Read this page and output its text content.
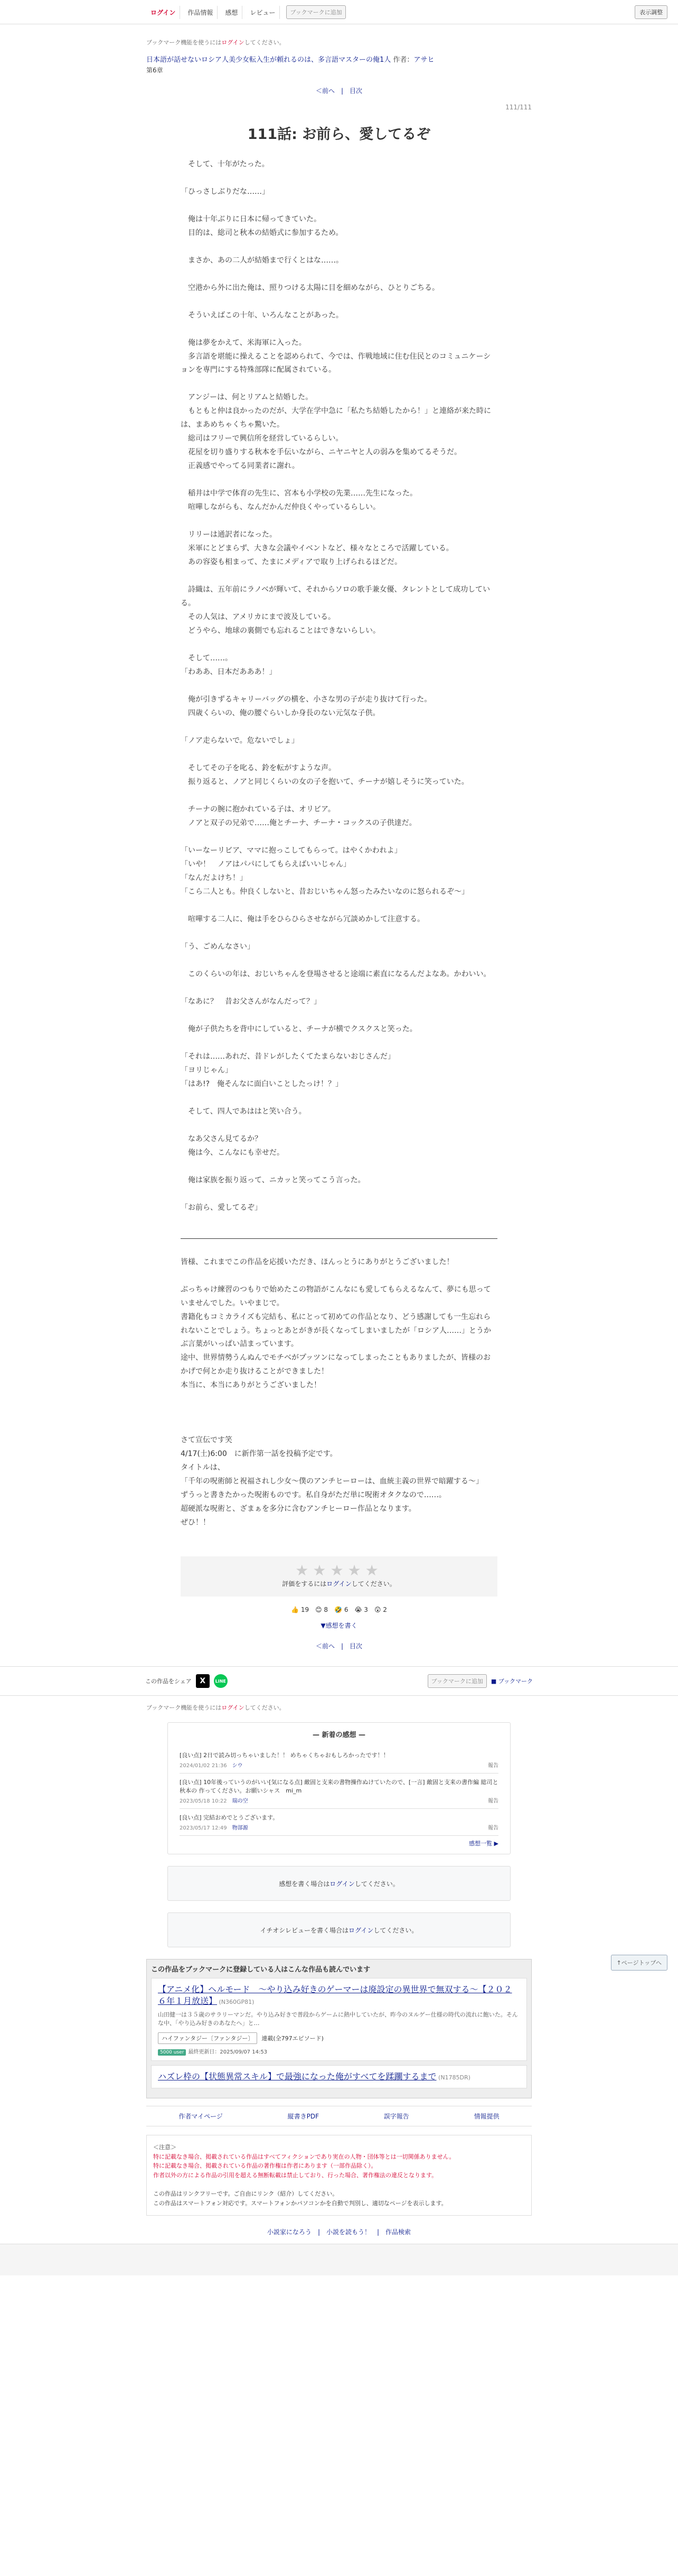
ログイン	作品情報	感想	レビュー	ブックマークに追加	表示調整
ブックマーク機能を使うにはログインしてください。
日本語が話せないロシア人美少女転入生が頼れるのは、多言語マスターの俺1人 作者：アサヒ
第6章
＜前へ | 目次
111/111
111話: お前ら、愛してるぞ

　そして、十年がたった。

「ひっさしぶりだな……」

　俺は十年ぶりに日本に帰ってきていた。

　目的は、総司と秋本の結婚式に参加するため。

　まさか、あの二人が結婚まで行くとはな……。

　空港から外に出た俺は、照りつける太陽に目を細めながら、ひとりごちる。

　そういえばこの十年、いろんなことがあった。

　俺は夢をかえて、米海軍に入った。

　多言語を堪能に操えることを認められて、今では、作戦地域に住む住民とのコミュニケーションを専門にする特殊部隊に配属されている。

　アンジーは、何とリアムと結婚した。

　もともと仲は良かったのだが、大学在学中急に「私たち結婚したから！」と連絡が来た時には、まあめちゃくちゃ驚いた。

　総司はフリーで興信所を経営しているらしい。

　花屋を切り盛りする秋本を手伝いながら、ニヤニヤと人の弱みを集めてるそうだ。

　正義感でやってる同業者に謝れ。

　稲井は中学で体育の先生に、宮本も小学校の先業……先生になった。

　喧嘩しながらも、なんだかんだ仲良くやっているらしい。

　リリーは通訳者になった。

　米軍にとどまらず、大きな会議やイベントなど、様々なところで活躍している。

　あの容姿も相まって、たまにメディアで取り上げられるほどだ。

　詩織は、五年前にラノベが輝いて、それからソロの歌手兼女優、タレントとして成功している。

　その人気は、アメリカにまで波及している。

　どうやら、地球の裏側でも忘れることはできないらしい。

　そして……。

「わああ、日本だあああ！」

　俺が引きずるキャリーバッグの横を、小さな男の子が走り抜けて行った。

　四歳くらいの、俺の腰ぐらいしか身長のない元気な子供。

「ノア走らないで。危ないでしょ」

　そしてその子を叱る、鈴を転がすような声。

　振り返ると、ノアと同じくらいの女の子を抱いて、チーナが嬉しそうに笑っていた。

　チーナの腕に抱かれている子は、オリビア。

　ノアと双子の兄弟で……俺とチーナ、チーナ・コックスの子供達だ。

「いーなーリビア、ママに抱っこしてもらって。はやくかわれよ」

「いや！　ノアはパパにしてもらえばいいじゃん」

「なんだよけち！」

「こら二人とも。仲良くしないと、昔おじいちゃん怒ったみたいなのに怒られるぞ〜」

　喧嘩する二人に、俺は手をひらひらさせながら冗談めかして注意する。

「う、ごめんなさい」

　このくらいの年は、おじいちゃんを登場させると途端に素直になるんだよなあ。かわいい。

「なあに？　昔お父さんがなんだって？」

　俺が子供たちを背中にしていると、チーナが横でクスクスと笑った。

「それは……あれだ、昔ドレがしたくてたまらないおじさんだ」

「ヨリじゃん」

「はあ!?　俺そんなに面白いことしたっけ！？」

　そして、四人であははと笑い合う。

　なあ父さん見てるか？

　俺は今、こんなにも幸せだ。

　俺は家族を振り返って、ニカッと笑ってこう言った。

「お前ら、愛してるぞ」

皆様、これまでこの作品を応援いただき、ほんっとうにありがとうございました！

ぶっちゃけ練習のつもりで始めたこの物語がこんなにも愛してもらえるなんて、夢にも思っていませんでした。いやまじで。

書籍化もコミカライズも完結も、私にとって初めての作品となり、どう感謝しても一生忘れられないことでしょう。ちょっとあとがきが長くなってしまいましたが「ロシア人……」とうかぶ言葉がいっぱい詰まっています。

途中、世界情勢うんぬんでモチベがプッツンになってしまったこともありましたが、皆様のおかげで何とか走り抜けることができました！

本当に、本当にありがとうございました！

さて宣伝です笑

4/17(土)6:00　に新作第一話を投稿予定です。

タイトルは、

「千年の呪術師と祝福されし少女〜僕のアンチヒーローは、血統主義の世界で暗躍する〜」

ずうっと書きたかった呪術ものです。私自身がただ単に呪術オタクなので……。

超硬派な呪術と、ざまぁを多分に含むアンチヒーロー作品となります。

ぜひ！！

★★★★★
評価をするにはログインしてください。
👍 19 😊 8 🤣 6 😭 3 😲 2
▼感想を書く
＜前へ | 目次
この作品をシェア	X	LINE	ブックマークに追加	■ ブックマーク
ブックマーク機能を使うにはログインしてください。
↑ページトップへ
— 新着の感想 —
[良い点] 2日で読み切っちゃいました！！ めちゃくちゃおもしろかったです！！
2024/01/02 21:36　シウ	報告
[良い点] 10年後っていうのがいい[気になる点] 敵固と支来の書物操作ぬけていたので、[一言] 敵固と支来の書作編 総司と秋本の 作ってください。お願いシャス　mi_m
2023/05/18 10:22　瑞の空	報告
[良い点] 完結おめでとうございます。
2023/05/17 12:49　物部源	報告
感想一覧 ▶
感想を書く場合は ログイン してください。
イチオシレビューを書く場合は ログイン してください。
この作品をブックマークに登録している人はこんな作品も読んでいます
【アニメ化】ヘルモード　～やり込み好きのゲーマーは廃設定の異世界で無双する～【２０２６年１月放送】 (N360GP81)
山田健一は３５歳のサラリーマンだ。やり込み好きで普段からゲームに熱中していたが、昨今のヌルゲー仕様の時代の流れに飽いた。そんな中、「やり込み好きのあなたへ」と…
ハイファンタジー〔ファンタジー〕	連載(全797エピソード)
5000 user 最終更新日：2025/09/07 14:53
ハズレ枠の【状態異常スキル】で最強になった俺がすべてを蹂躙するまで (N1785DR)
作者マイページ	縦書きPDF	誤字報告	情報提供
＜注意＞
特に記載なき場合、掲載されている作品はすべてフィクションであり実在の人物・団体等とは一切関係ありません。
特に記載なき場合、掲載されている作品の著作権は作者にあります（一部作品除く）。
作者以外の方による作品の引用を超える無断転載は禁止しており、行った場合、著作権法の違反となります。

この作品はリンクフリーです。ご自由にリンク（紹介）してください。
この作品はスマートフォン対応です。スマートフォンかパソコンかを自動で判別し、適切なページを表示します。
小説家になろう | 小説を読もう！ | 作品検索
